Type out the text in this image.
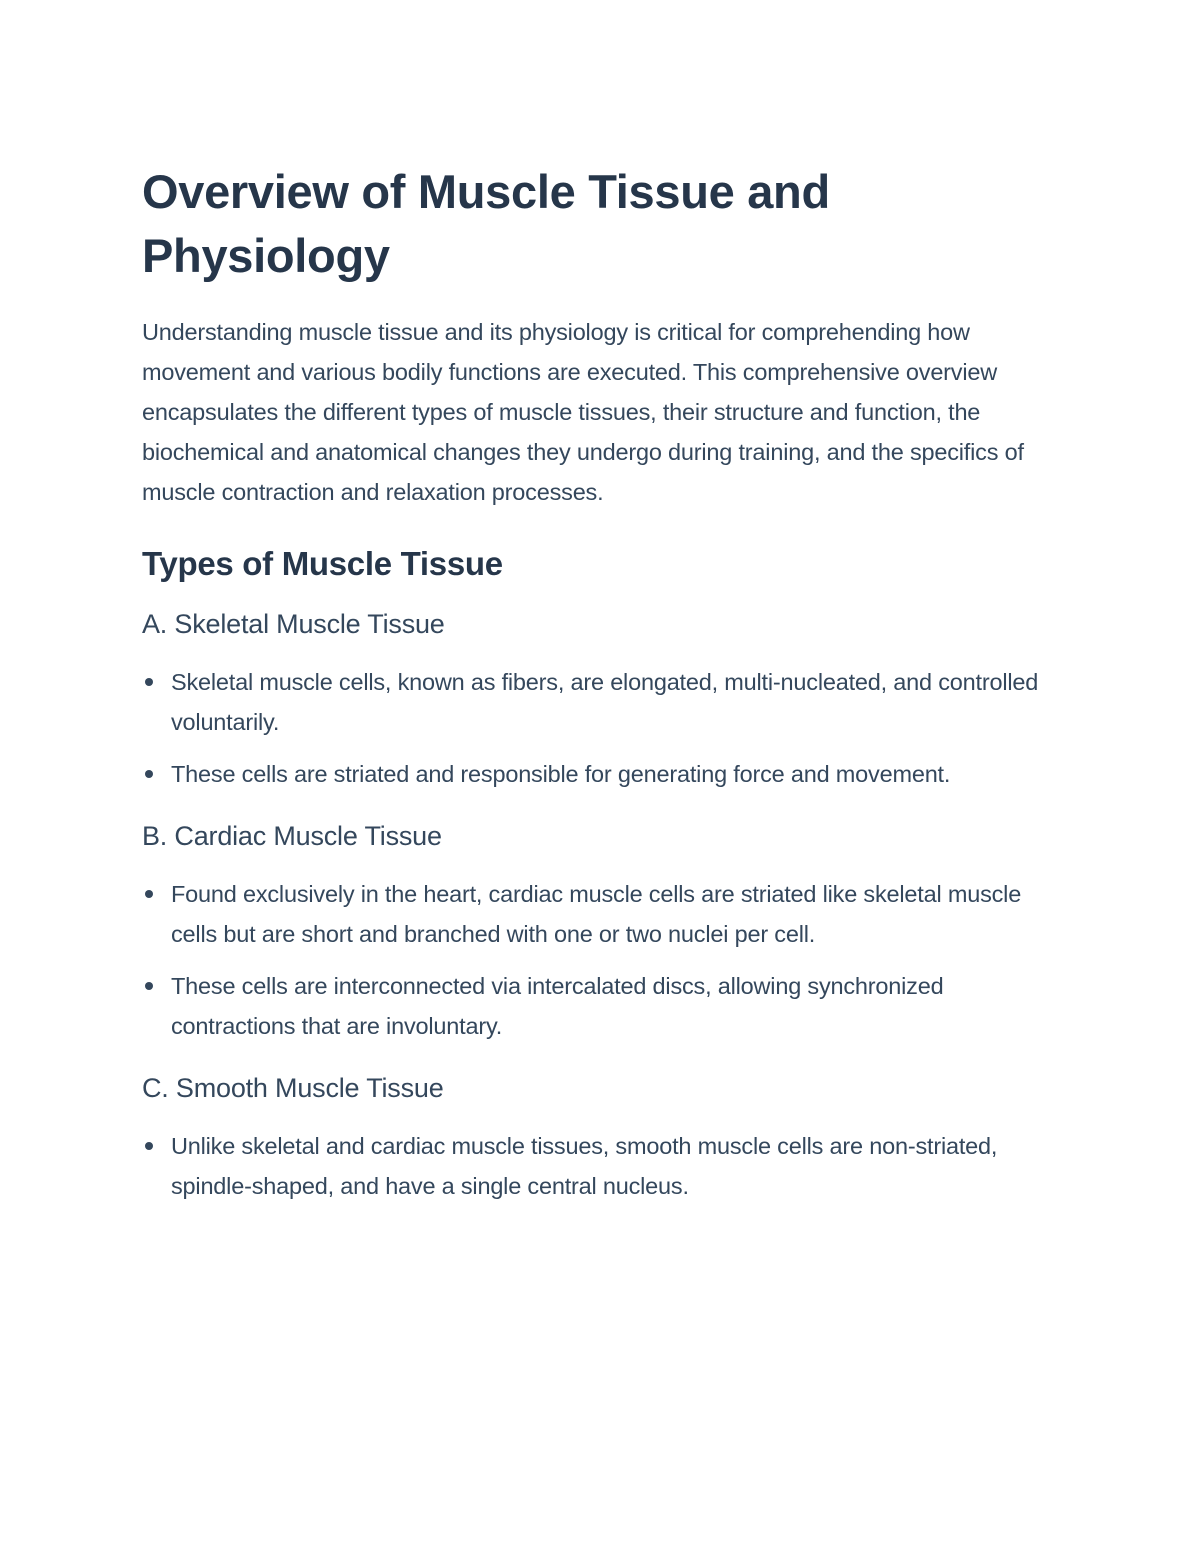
Overview of Muscle Tissue and Physiology

Understanding muscle tissue and its physiology is critical for comprehending how movement and various bodily functions are executed. This comprehensive overview encapsulates the different types of muscle tissues, their structure and function, the biochemical and anatomical changes they undergo during training, and the specifics of muscle contraction and relaxation processes.

Types of Muscle Tissue
A. Skeletal Muscle Tissue
Skeletal muscle cells, known as fibers, are elongated, multi-nucleated, and controlled voluntarily.
These cells are striated and responsible for generating force and movement.
B. Cardiac Muscle Tissue
Found exclusively in the heart, cardiac muscle cells are striated like skeletal muscle cells but are short and branched with one or two nuclei per cell.
These cells are interconnected via intercalated discs, allowing synchronized contractions that are involuntary.
C. Smooth Muscle Tissue
Unlike skeletal and cardiac muscle tissues, smooth muscle cells are non-striated, spindle-shaped, and have a single central nucleus.
